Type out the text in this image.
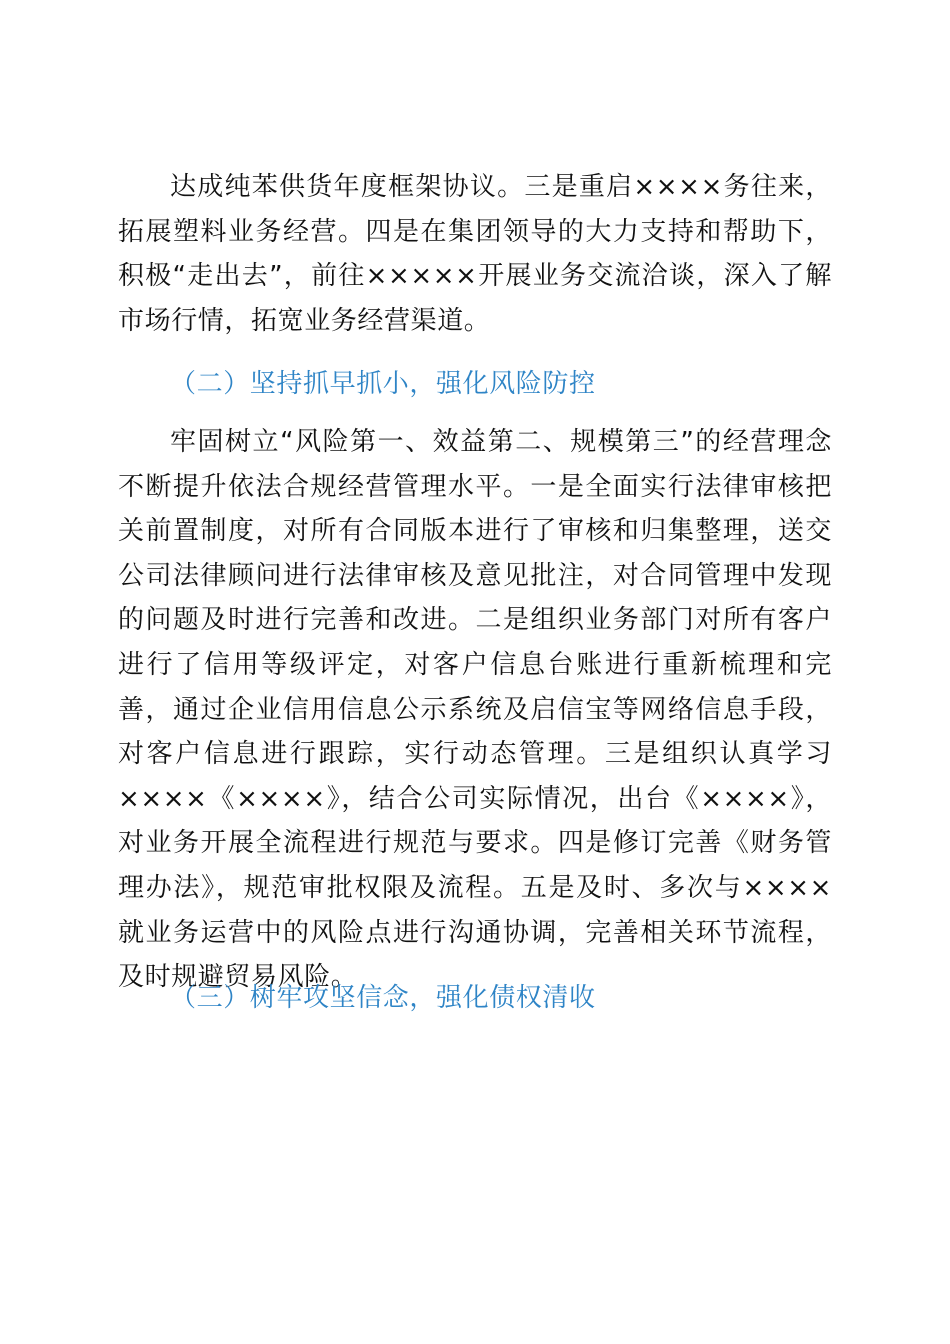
达成纯苯供货年度框架协议。三是重启××××务往来，拓展塑料业务经营。四是在集团领导的大力支持和帮助下，积极“走出去”，前往×××××开展业务交流洽谈，深入了解市场行情，拓宽业务经营渠道。

（二）坚持抓早抓小，强化风险防控

牢固树立“风险第一、效益第二、规模第三”的经营理念不断提升依法合规经营管理水平。一是全面实行法律审核把关前置制度，对所有合同版本进行了审核和归集整理，送交公司法律顾问进行法律审核及意见批注，对合同管理中发现的问题及时进行完善和改进。二是组织业务部门对所有客户进行了信用等级评定，对客户信息台账进行重新梳理和完善，通过企业信用信息公示系统及启信宝等网络信息手段，对客户信息进行跟踪，实行动态管理。三是组织认真学习××××《××××》，结合公司实际情况，出台《××××》，对业务开展全流程进行规范与要求。四是修订完善《财务管理办法》，规范审批权限及流程。五是及时、多次与××××就业务运营中的风险点进行沟通协调，完善相关环节流程，及时规避贸易风险。

（三）树牢攻坚信念，强化债权清收
